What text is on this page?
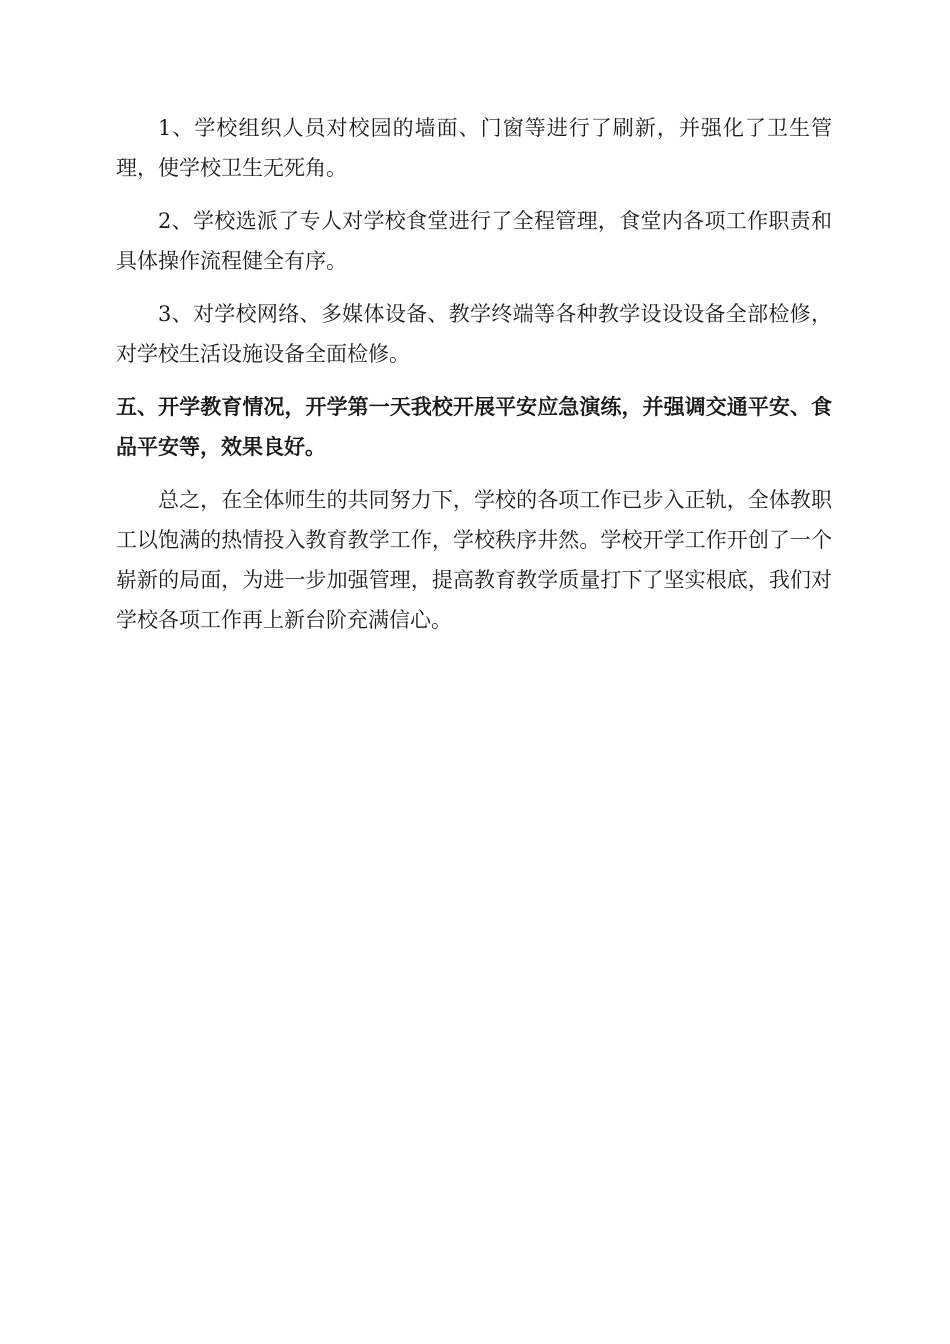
1、学校组织人员对校园的墙面、门窗等进行了刷新，并强化了卫生管理，使学校卫生无死角。

2、学校选派了专人对学校食堂进行了全程管理，食堂内各项工作职责和具体操作流程健全有序。

3、对学校网络、多媒体设备、教学终端等各种教学设设设备全部检修，对学校生活设施设备全面检修。

五、开学教育情况，开学第一天我校开展平安应急演练，并强调交通平安、食品平安等，效果良好。

总之，在全体师生的共同努力下，学校的各项工作已步入正轨，全体教职工以饱满的热情投入教育教学工作，学校秩序井然。学校开学工作开创了一个崭新的局面，为进一步加强管理，提高教育教学质量打下了坚实根底，我们对学校各项工作再上新台阶充满信心。
